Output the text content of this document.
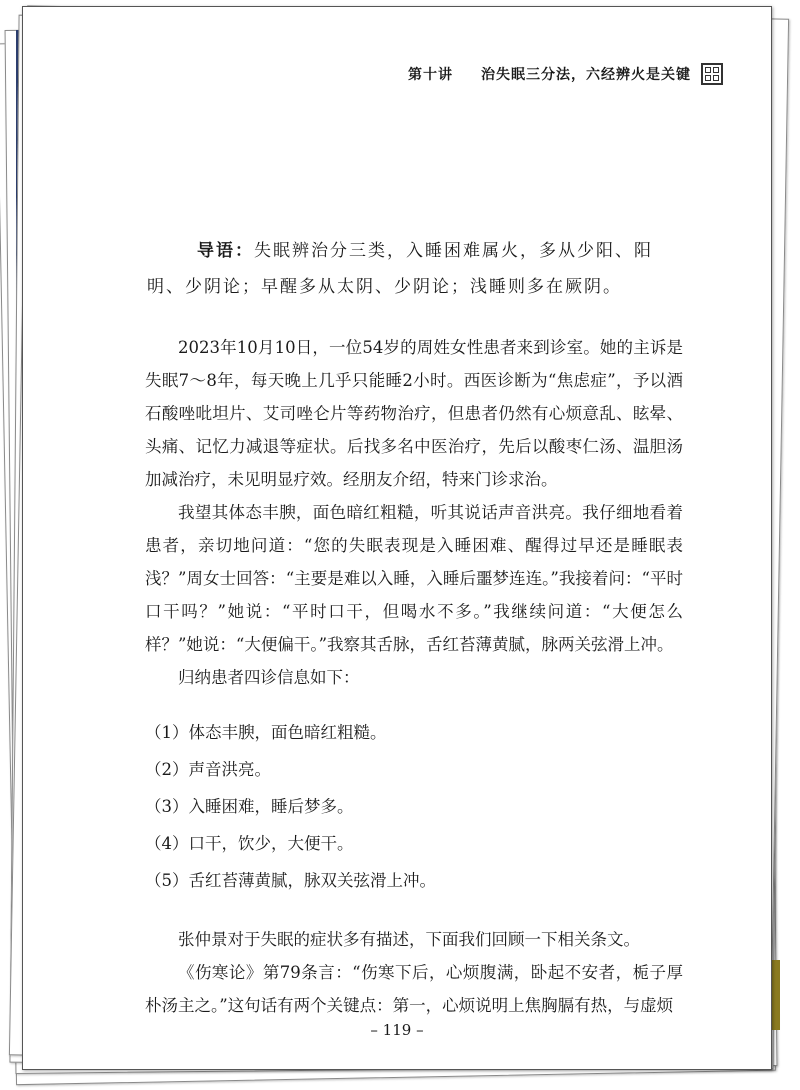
第十讲 治失眠三分法，六经辨火是关键
导语：失眠辨治分三类，入睡困难属火，多从少阳、阳明、少阴论；早醒多从太阴、少阴论；浅睡则多在厥阴。

2023年10月10日，一位54岁的周姓女性患者来到诊室。她的主诉是失眠7～8年，每天晚上几乎只能睡2小时。西医诊断为“焦虑症”，予以酒石酸唑吡坦片、艾司唑仑片等药物治疗，但患者仍然有心烦意乱、眩晕、头痛、记忆力减退等症状。后找多名中医治疗，先后以酸枣仁汤、温胆汤加减治疗，未见明显疗效。经朋友介绍，特来门诊求治。

我望其体态丰腴，面色暗红粗糙，听其说话声音洪亮。我仔细地看着患者，亲切地问道：“您的失眠表现是入睡困难、醒得过早还是睡眠表浅？”周女士回答：“主要是难以入睡，入睡后噩梦连连。”我接着问：“平时口干吗？”她说：“平时口干，但喝水不多。”我继续问道：“大便怎么样？”她说：“大便偏干。”我察其舌脉，舌红苔薄黄腻，脉两关弦滑上冲。

归纳患者四诊信息如下：

（1）体态丰腴，面色暗红粗糙。

（2）声音洪亮。

（3）入睡困难，睡后梦多。

（4）口干，饮少，大便干。

（5）舌红苔薄黄腻，脉双关弦滑上冲。

张仲景对于失眠的症状多有描述，下面我们回顾一下相关条文。

《伤寒论》第79条言：“伤寒下后，心烦腹满，卧起不安者，栀子厚朴汤主之。”这句话有两个关键点：第一，心烦说明上焦胸膈有热，与虚烦

– 119 –
